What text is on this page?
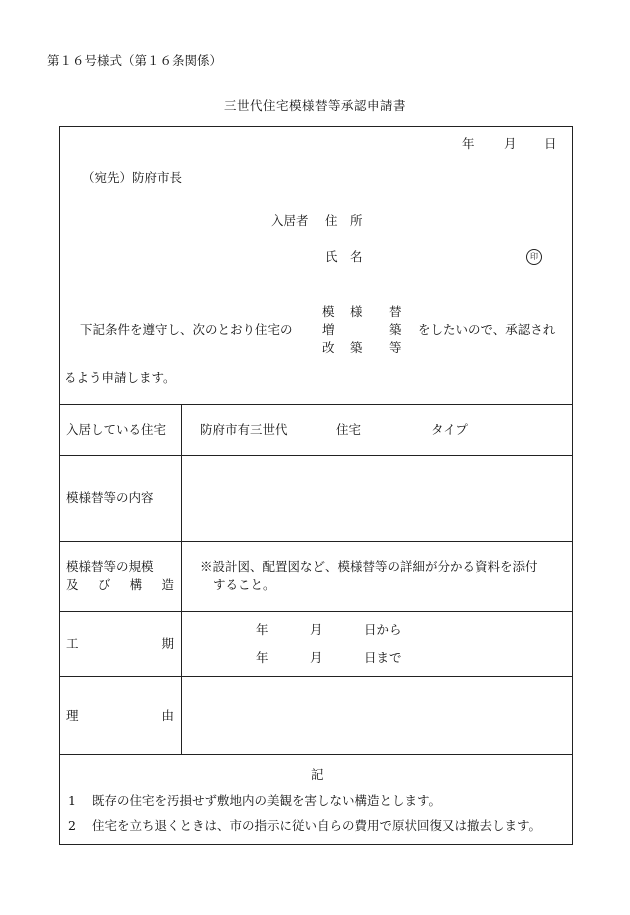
第１６号様式（第１６条関係）
三世代住宅模様替等承認申請書
年 月 日
（宛先）防府市長
入居者 住 所
氏 名	印
模 様 替
増	築
改 築 等
下記条件を遵守し、次のとおり住宅の	をしたいので、承認され
るよう申請します。
入居している住宅	防府市有三世代	住宅	タイプ
模様替等の内容
模様替等の規模
及 び 構 造
※設計図、配置図など、模様替等の詳細が分かる資料を添付
すること。
工	期
年	月	日から
年	月	日まで
理	由
記
1 既存の住宅を汚損せず敷地内の美観を害しない構造とします。
2 住宅を立ち退くときは、市の指示に従い自らの費用で原状回復又は撤去します。
